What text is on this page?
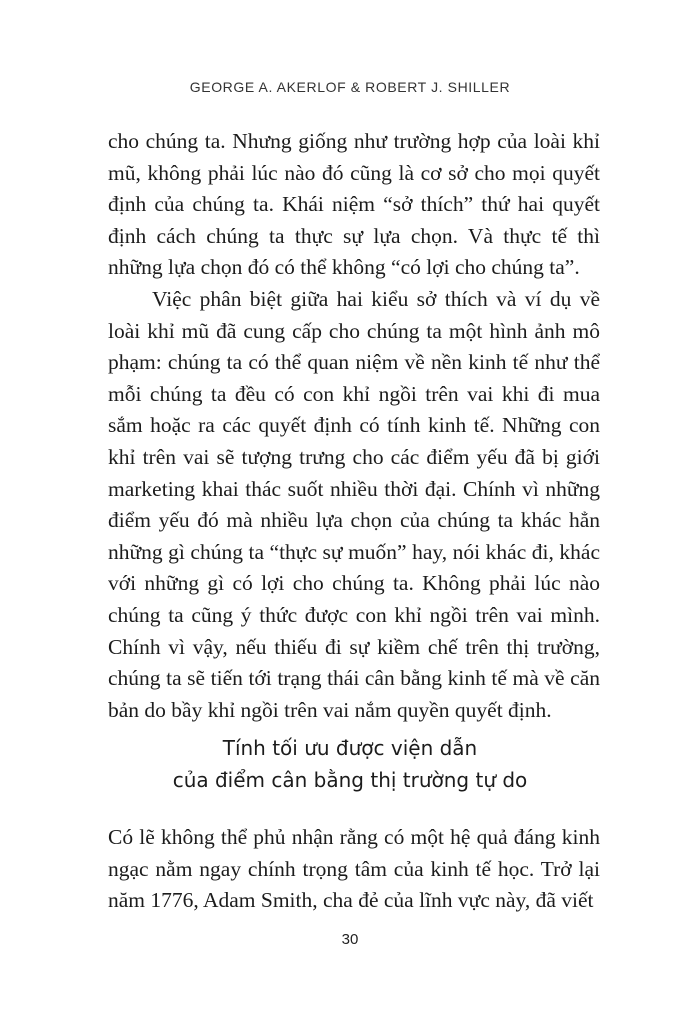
GEORGE A. AKERLOF & ROBERT J. SHILLER

cho chúng ta. Nhưng giống như trường hợp của loài khỉ mũ, không phải lúc nào đó cũng là cơ sở cho mọi quyết định của chúng ta. Khái niệm “sở thích” thứ hai quyết định cách chúng ta thực sự lựa chọn. Và thực tế thì những lựa chọn đó có thể không “có lợi cho chúng ta”.

Việc phân biệt giữa hai kiểu sở thích và ví dụ về loài khỉ mũ đã cung cấp cho chúng ta một hình ảnh mô phạm: chúng ta có thể quan niệm về nền kinh tế như thể mỗi chúng ta đều có con khỉ ngồi trên vai khi đi mua sắm hoặc ra các quyết định có tính kinh tế. Những con khỉ trên vai sẽ tượng trưng cho các điểm yếu đã bị giới marketing khai thác suốt nhiều thời đại. Chính vì những điểm yếu đó mà nhiều lựa chọn của chúng ta khác hẳn những gì chúng ta “thực sự muốn” hay, nói khác đi, khác với những gì có lợi cho chúng ta. Không phải lúc nào chúng ta cũng ý thức được con khỉ ngồi trên vai mình. Chính vì vậy, nếu thiếu đi sự kiềm chế trên thị trường, chúng ta sẽ tiến tới trạng thái cân bằng kinh tế mà về căn bản do bầy khỉ ngồi trên vai nắm quyền quyết định.

Tính tối ưu được viện dẫn
của điểm cân bằng thị trường tự do

Có lẽ không thể phủ nhận rằng có một hệ quả đáng kinh ngạc nằm ngay chính trọng tâm của kinh tế học. Trở lại năm 1776, Adam Smith, cha đẻ của lĩnh vực này, đã viết

30
